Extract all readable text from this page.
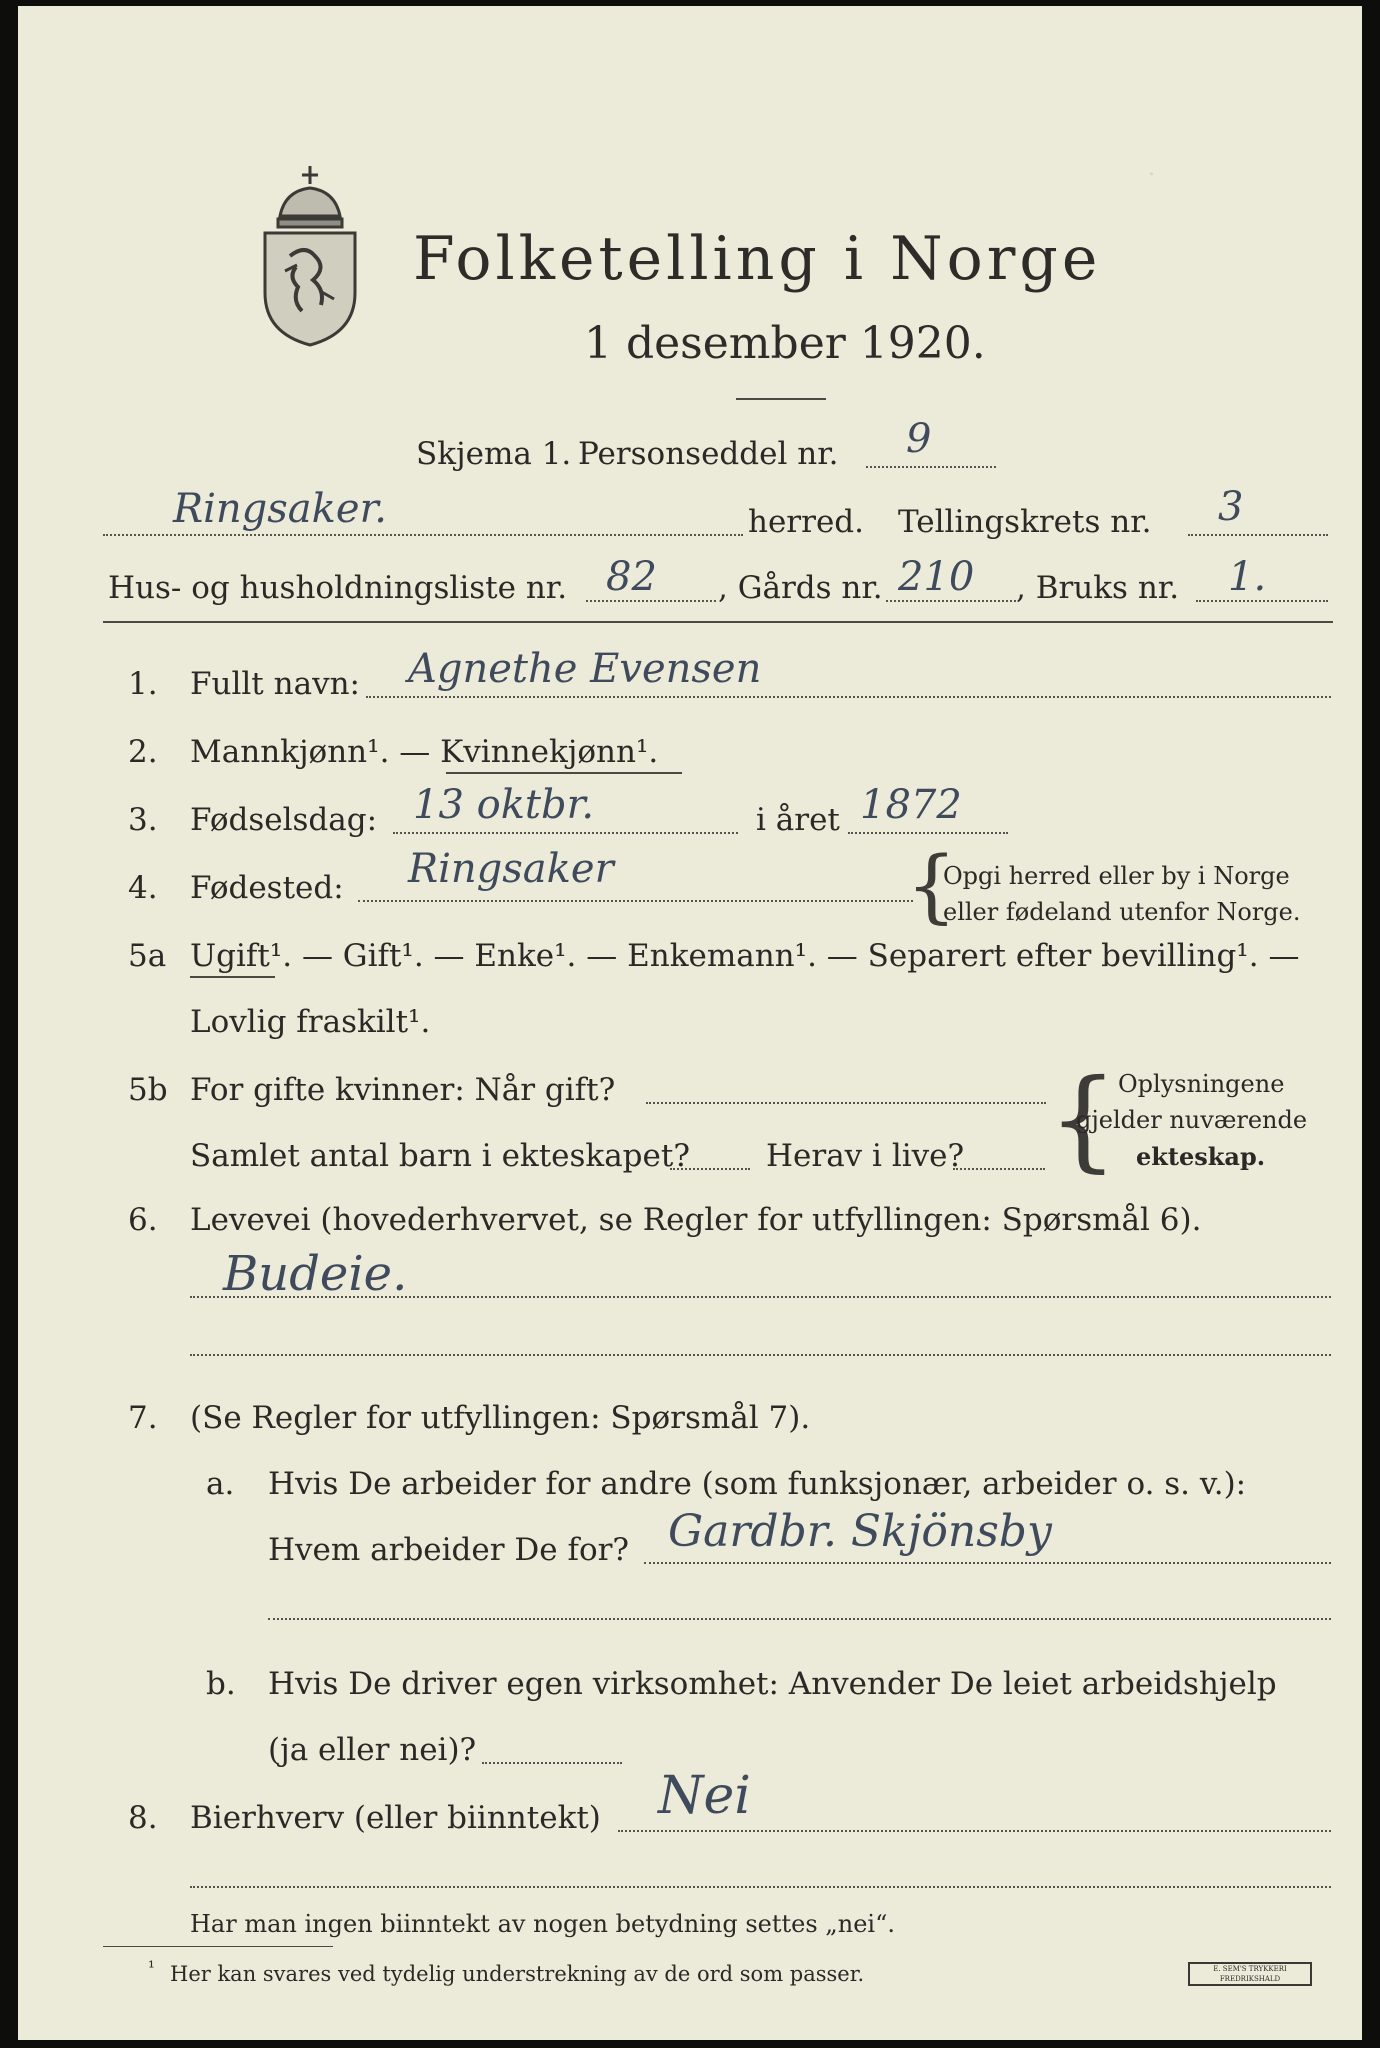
.
Folketelling i Norge
1 desember 1920.
Skjema 1. Personseddel nr. 9
Ringsaker.	herred. Tellingskrets nr. 3
Hus- og husholdningsliste nr. 82 , Gårds nr. 210 , Bruks nr. 1.
1. Fullt navn: Agnethe Evensen
2. Mannkjønn¹. — Kvinnekjønn¹.
3. Fødselsdag: 13 oktbr.	i året 1872
4. Fødested: Ringsaker	{
Opgi herred eller by i Norge
eller fødeland utenfor Norge.
5a Ugift¹. — Gift¹. — Enke¹. — Enkemann¹. — Separert efter bevilling¹. —
Lovlig fraskilt¹.
5b For gifte kvinner: Når gift?
Samlet antal barn i ekteskapet? Herav i live? { Oplysningene
gjelder nuværende
ekteskap.
6. Levevei (hovederhvervet, se Regler for utfyllingen: Spørsmål 6).
Budeie.
7. (Se Regler for utfyllingen: Spørsmål 7).
a. Hvis De arbeider for andre (som funksjonær, arbeider o. s. v.):
Hvem arbeider De for? Gardbr. Skjönsby
b. Hvis De driver egen virksomhet: Anvender De leiet arbeidshjelp
(ja eller nei)?
8. Bierhverv (eller biinntekt) Nei
Har man ingen biinntekt av nogen betydning settes „nei“.
¹ Her kan svares ved tydelig understrekning av de ord som passer.	E. SEM'S TRYKKERI FREDRIKSHALD
